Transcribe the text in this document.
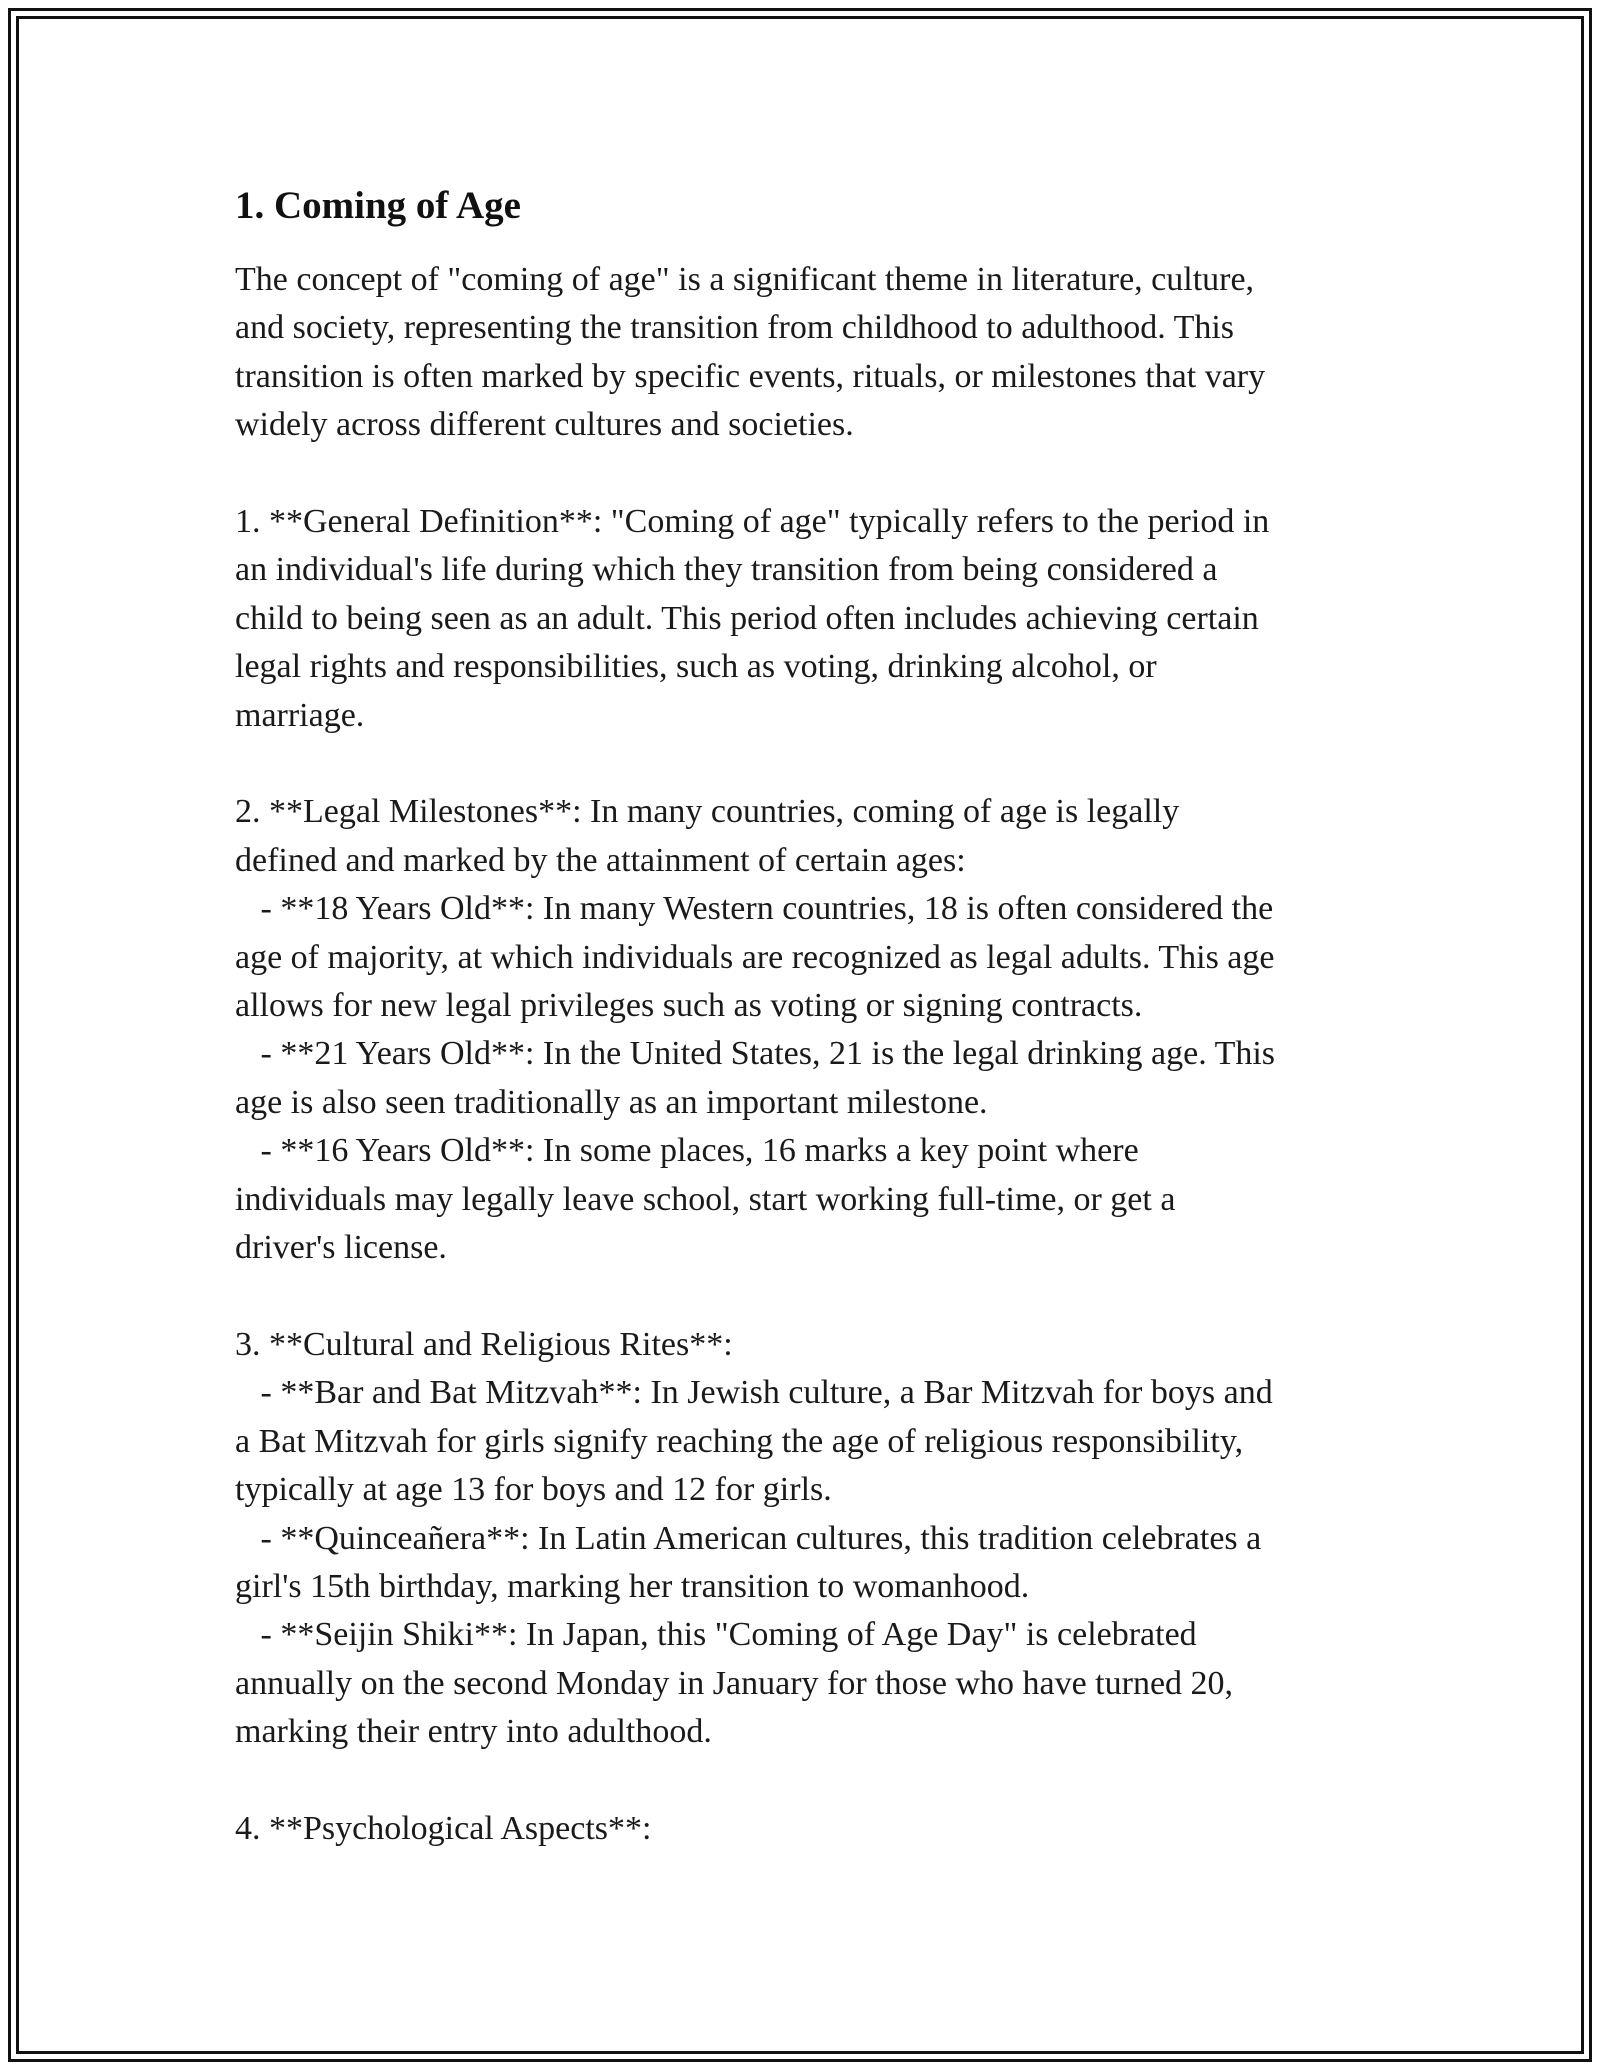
1. Coming of Age

The concept of "coming of age" is a significant theme in literature, culture,

and society, representing the transition from childhood to adulthood. This

transition is often marked by specific events, rituals, or milestones that vary

widely across different cultures and societies.

1. **General Definition**: "Coming of age" typically refers to the period in

an individual's life during which they transition from being considered a

child to being seen as an adult. This period often includes achieving certain

legal rights and responsibilities, such as voting, drinking alcohol, or

marriage.

2. **Legal Milestones**: In many countries, coming of age is legally

defined and marked by the attainment of certain ages:

- **18 Years Old**: In many Western countries, 18 is often considered the

age of majority, at which individuals are recognized as legal adults. This age

allows for new legal privileges such as voting or signing contracts.

- **21 Years Old**: In the United States, 21 is the legal drinking age. This

age is also seen traditionally as an important milestone.

- **16 Years Old**: In some places, 16 marks a key point where

individuals may legally leave school, start working full-time, or get a

driver's license.

3. **Cultural and Religious Rites**:

- **Bar and Bat Mitzvah**: In Jewish culture, a Bar Mitzvah for boys and

a Bat Mitzvah for girls signify reaching the age of religious responsibility,

typically at age 13 for boys and 12 for girls.

- **Quinceañera**: In Latin American cultures, this tradition celebrates a

girl's 15th birthday, marking her transition to womanhood.

- **Seijin Shiki**: In Japan, this "Coming of Age Day" is celebrated

annually on the second Monday in January for those who have turned 20,

marking their entry into adulthood.

4. **Psychological Aspects**:
